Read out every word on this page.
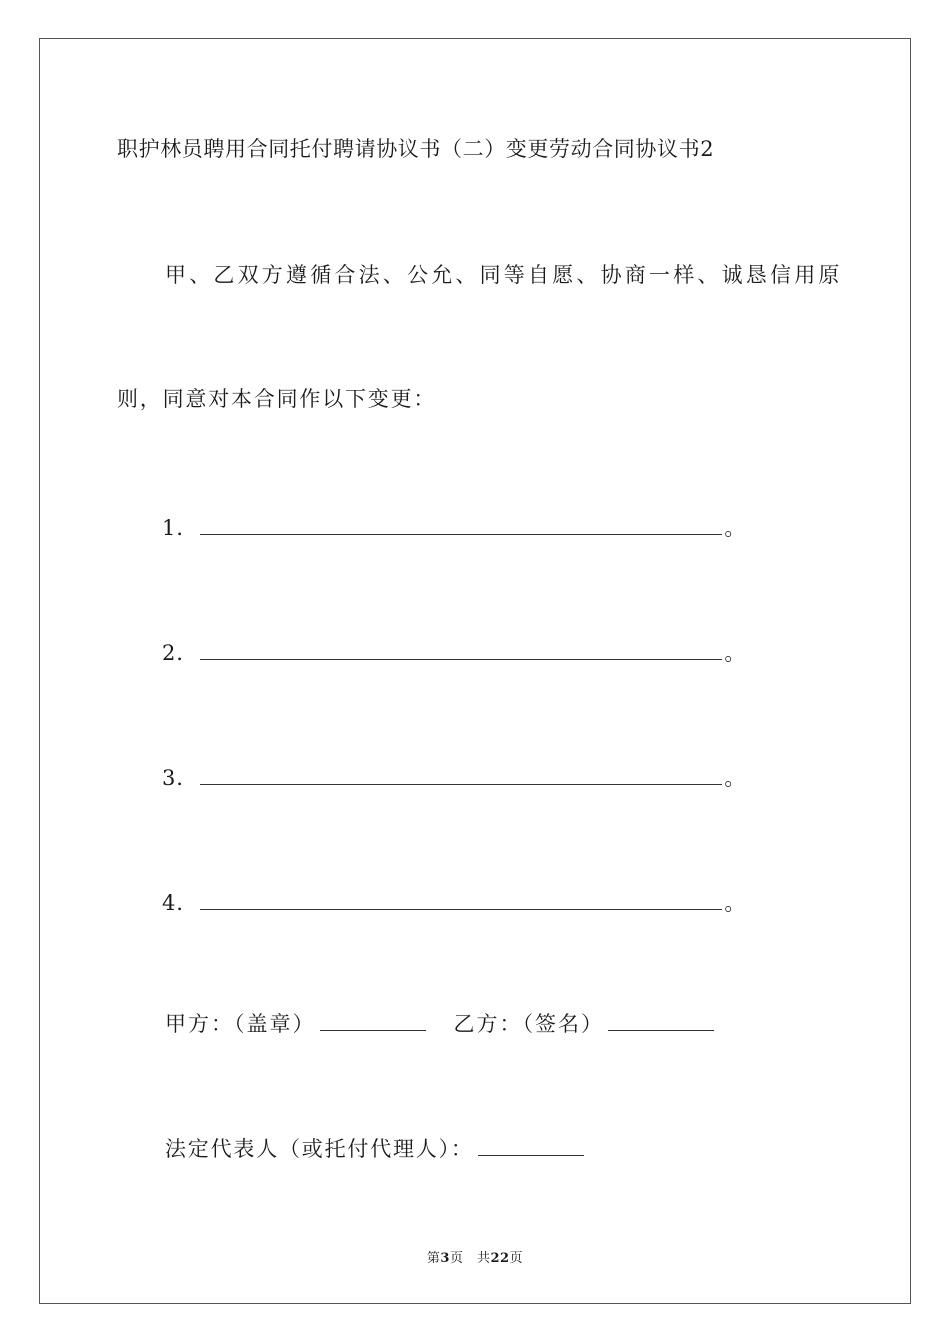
职护林员聘用合同托付聘请协议书（二）变更劳动合同协议书2
甲、乙双方遵循合法、公允、同等自愿、协商一样、诚恳信用原
则，同意对本合同作以下变更：
1．	。
2．	。
3．	。
4．	。
甲方：（盖章）	乙方：（签名）
法定代表人（或托付代理人）：
第3页　共22页
